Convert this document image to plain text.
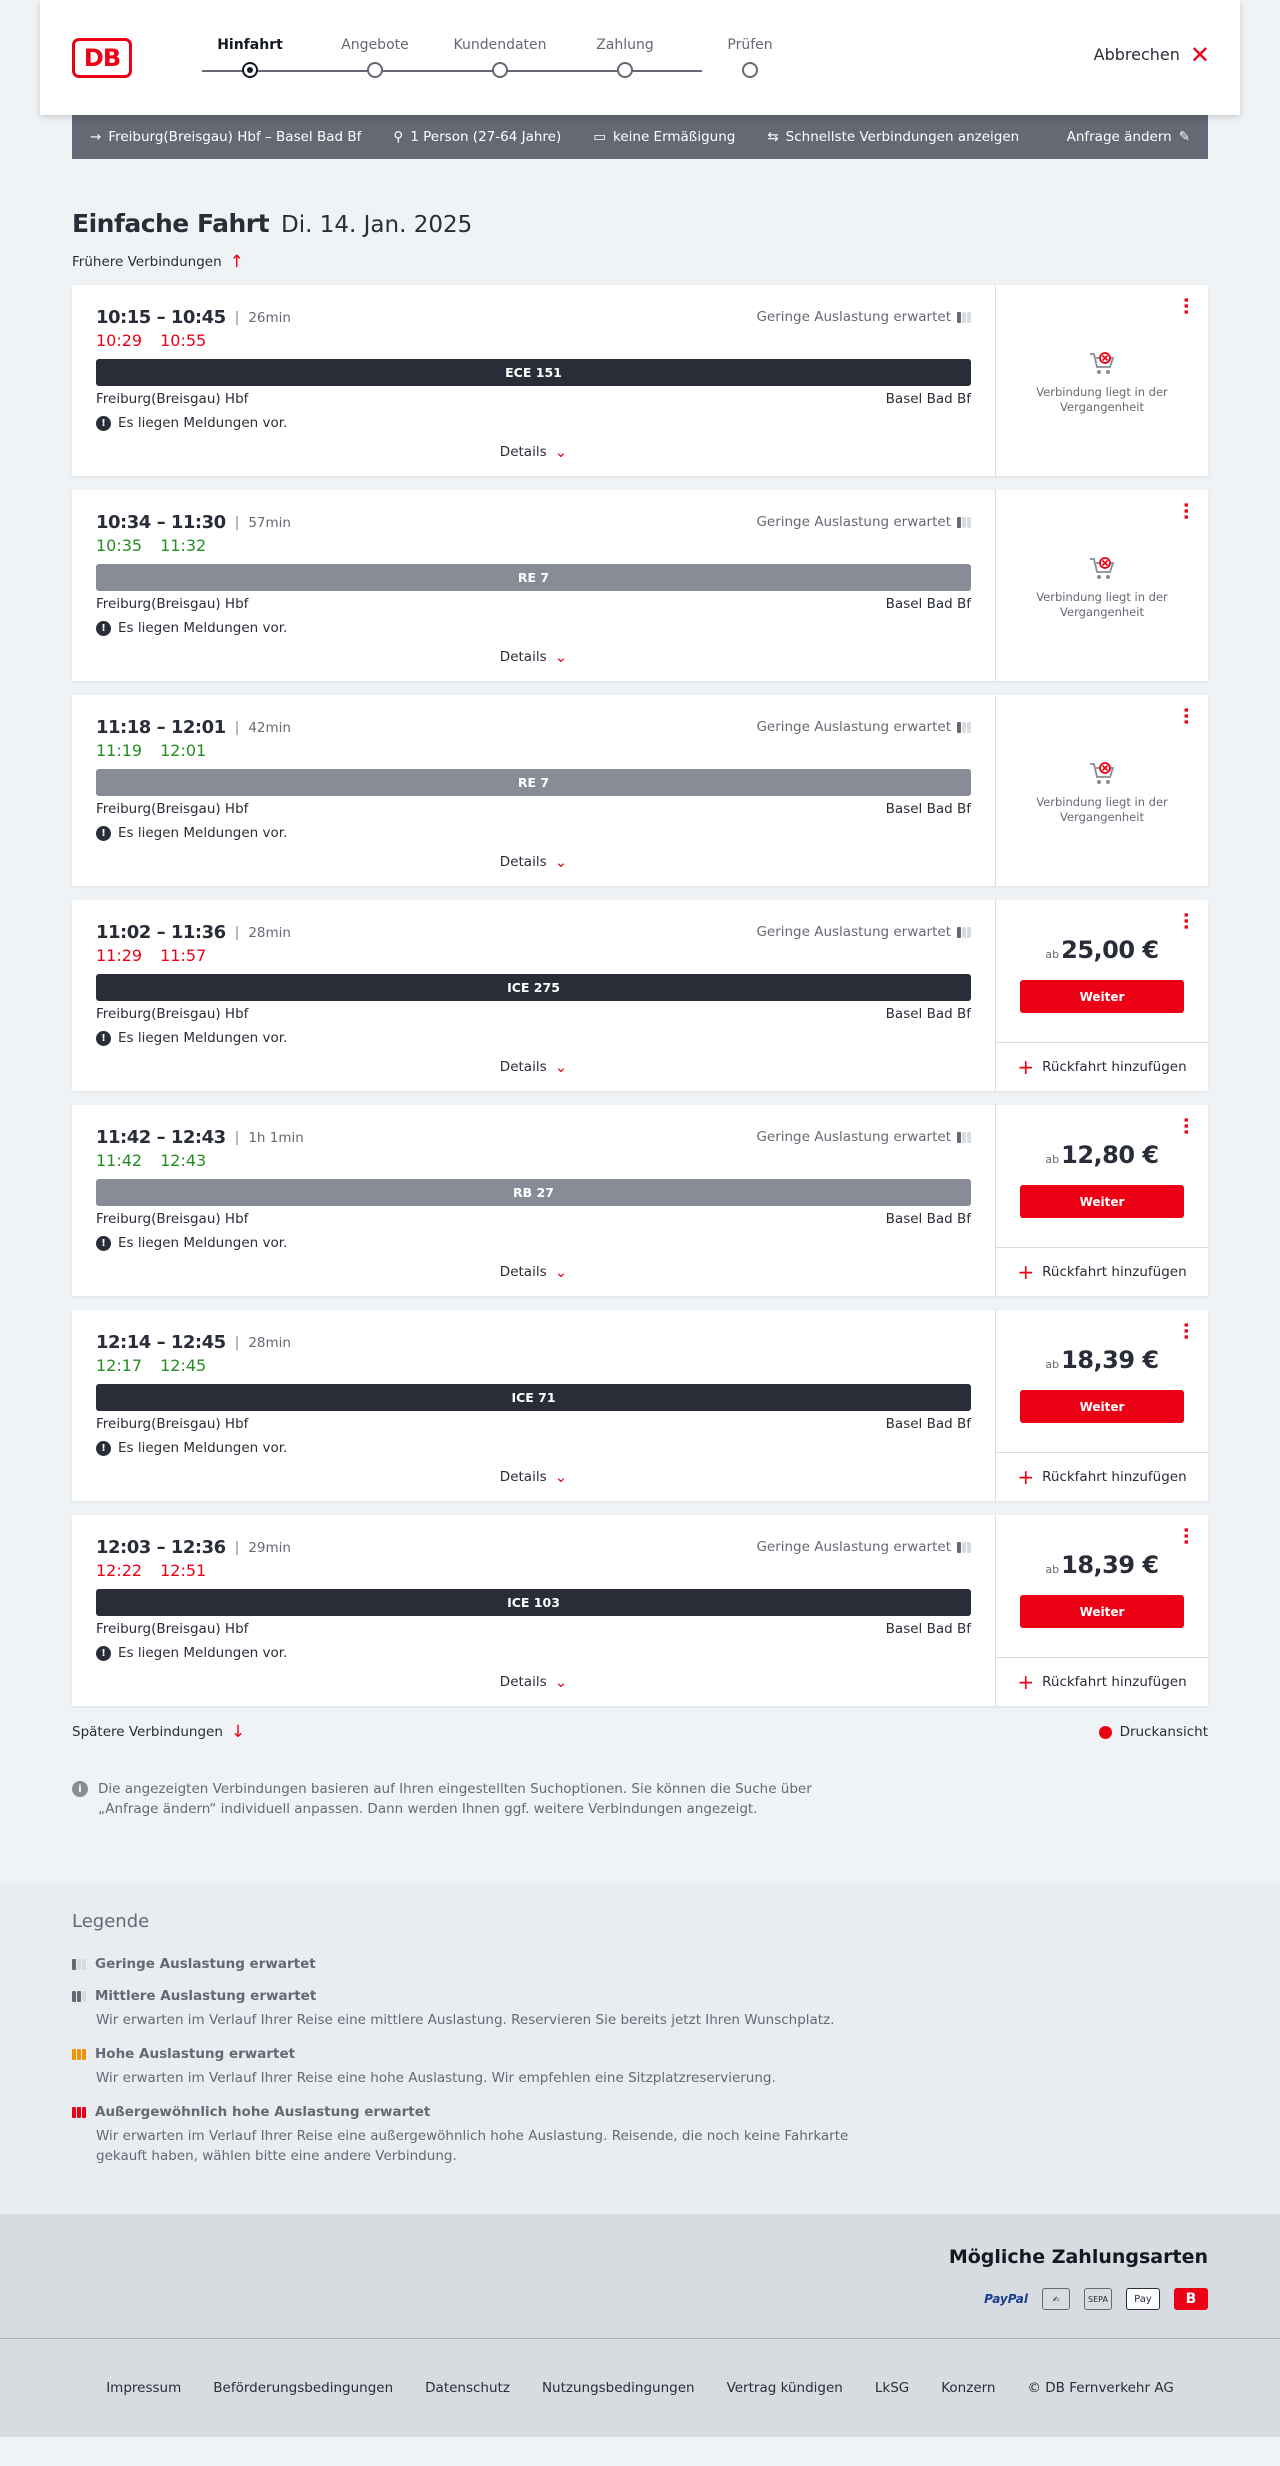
DB	Hinfahrt	Angebote	Kundendaten	Zahlung	Prüfen	Abbrechen ✕
→ Freiburg(Breisgau) Hbf – Basel Bad Bf ⚲ 1 Person (27-64 Jahre) ▭ keine Ermäßigung ⇆ Schnellste Verbindungen anzeigen	Anfrage ändern ✎
Einfache Fahrt Di. 14. Jan. 2025
Frühere Verbindungen ↑
10:15 – 10:45 | 26min	Geringe Auslastung erwartet
10:29 10:55
ECE 151
Freiburg(Breisgau) Hbf	Basel Bad Bf
! Es liegen Meldungen vor.
Details ⌄
⋯
Verbindung liegt in der Vergangenheit
10:34 – 11:30 | 57min	Geringe Auslastung erwartet
10:35 11:32
RE 7
Freiburg(Breisgau) Hbf	Basel Bad Bf
! Es liegen Meldungen vor.
Details ⌄
⋯
Verbindung liegt in der Vergangenheit
11:18 – 12:01 | 42min	Geringe Auslastung erwartet
11:19 12:01
RE 7
Freiburg(Breisgau) Hbf	Basel Bad Bf
! Es liegen Meldungen vor.
Details ⌄
⋯
Verbindung liegt in der Vergangenheit
11:02 – 11:36 | 28min	Geringe Auslastung erwartet
11:29 11:57
ICE 275
Freiburg(Breisgau) Hbf	Basel Bad Bf
! Es liegen Meldungen vor.
Details ⌄
⋯
ab25,00 €
Weiter
+ Rückfahrt hinzufügen
11:42 – 12:43 | 1h 1min	Geringe Auslastung erwartet
11:42 12:43
RB 27
Freiburg(Breisgau) Hbf	Basel Bad Bf
! Es liegen Meldungen vor.
Details ⌄
⋯
ab12,80 €
Weiter
+ Rückfahrt hinzufügen
12:14 – 12:45 | 28min
12:17 12:45
ICE 71
Freiburg(Breisgau) Hbf	Basel Bad Bf
! Es liegen Meldungen vor.
Details ⌄
⋯
ab18,39 €
Weiter
+ Rückfahrt hinzufügen
12:03 – 12:36 | 29min	Geringe Auslastung erwartet
12:22 12:51
ICE 103
Freiburg(Breisgau) Hbf	Basel Bad Bf
! Es liegen Meldungen vor.
Details ⌄
⋯
ab18,39 €
Weiter
+ Rückfahrt hinzufügen
Spätere Verbindungen ↓	Druckansicht
i	Die angezeigten Verbindungen basieren auf Ihren eingestellten Suchoptionen. Sie können die Suche über „Anfrage ändern“ individuell anpassen. Dann werden Ihnen ggf. weitere Verbindungen angezeigt.
Legende
Geringe Auslastung erwartet
Mittlere Auslastung erwartet
Wir erwarten im Verlauf Ihrer Reise eine mittlere Auslastung. Reservieren Sie bereits jetzt Ihren Wunschplatz.
Hohe Auslastung erwartet
Wir erwarten im Verlauf Ihrer Reise eine hohe Auslastung. Wir empfehlen eine Sitzplatzreservierung.
Außergewöhnlich hohe Auslastung erwartet
Wir erwarten im Verlauf Ihrer Reise eine außergewöhnlich hohe Auslastung. Reisende, die noch keine Fahrkarte gekauft haben, wählen bitte eine andere Verbindung.
Mögliche Zahlungsarten
PayPal	✍	SEPA	Pay	B
Impressum Beförderungsbedingungen Datenschutz Nutzungsbedingungen Vertrag kündigen LkSG Konzern © DB Fernverkehr AG
